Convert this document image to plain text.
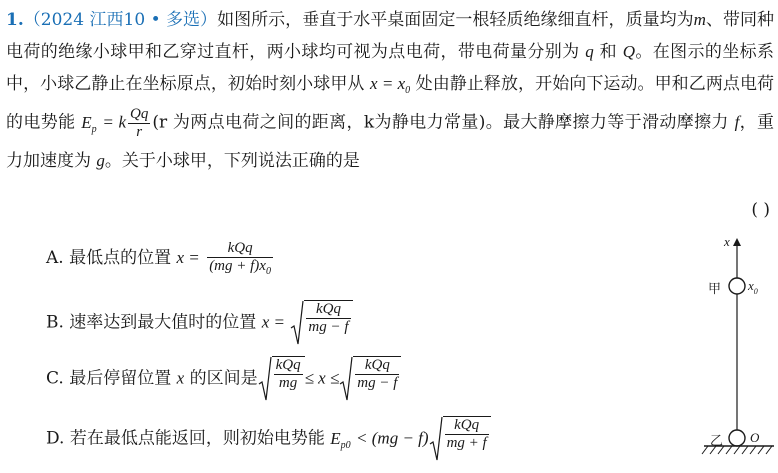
1.（2024 江西10 • 多选）如图所示，垂直于水平桌面固定一根轻质绝缘细直杆，质量均为m、带同种电荷的绝缘小球甲和乙穿过直杆，两小球均可视为点电荷，带电荷量分别为 q 和 Q。在图示的坐标系中，小球乙静止在坐标原点，初始时刻小球甲从 $x = x_0$ 处由静止释放，开始向下运动。甲和乙两点电荷的电势能 $E_p = k \frac{Qq}{r} (r$ 为两点电荷之间的距离，k为静电力常量)。最大静摩擦力等于滑动摩擦力 f，重力加速度为 g。关于小球甲，下列说法正确的是
( )
A. 最低点的位置 $x = \frac{\text{kQq}}{(mg + f)x_0}$
B. 速率达到最大值时的位置 $x = \frac{\text{kQq}}{mg - f}$
C. 最后停留位置 x 的区间是 $\frac{\text{kQq}}{mg} \le x \le \frac{\text{kQq}}{mg - f}$
D. 若在最低点能返回，则初始电势能 $E_{p0} < (mg - f) \frac{\text{kQq}}{mg + f}$
x
甲 $x_0$
乙 O
